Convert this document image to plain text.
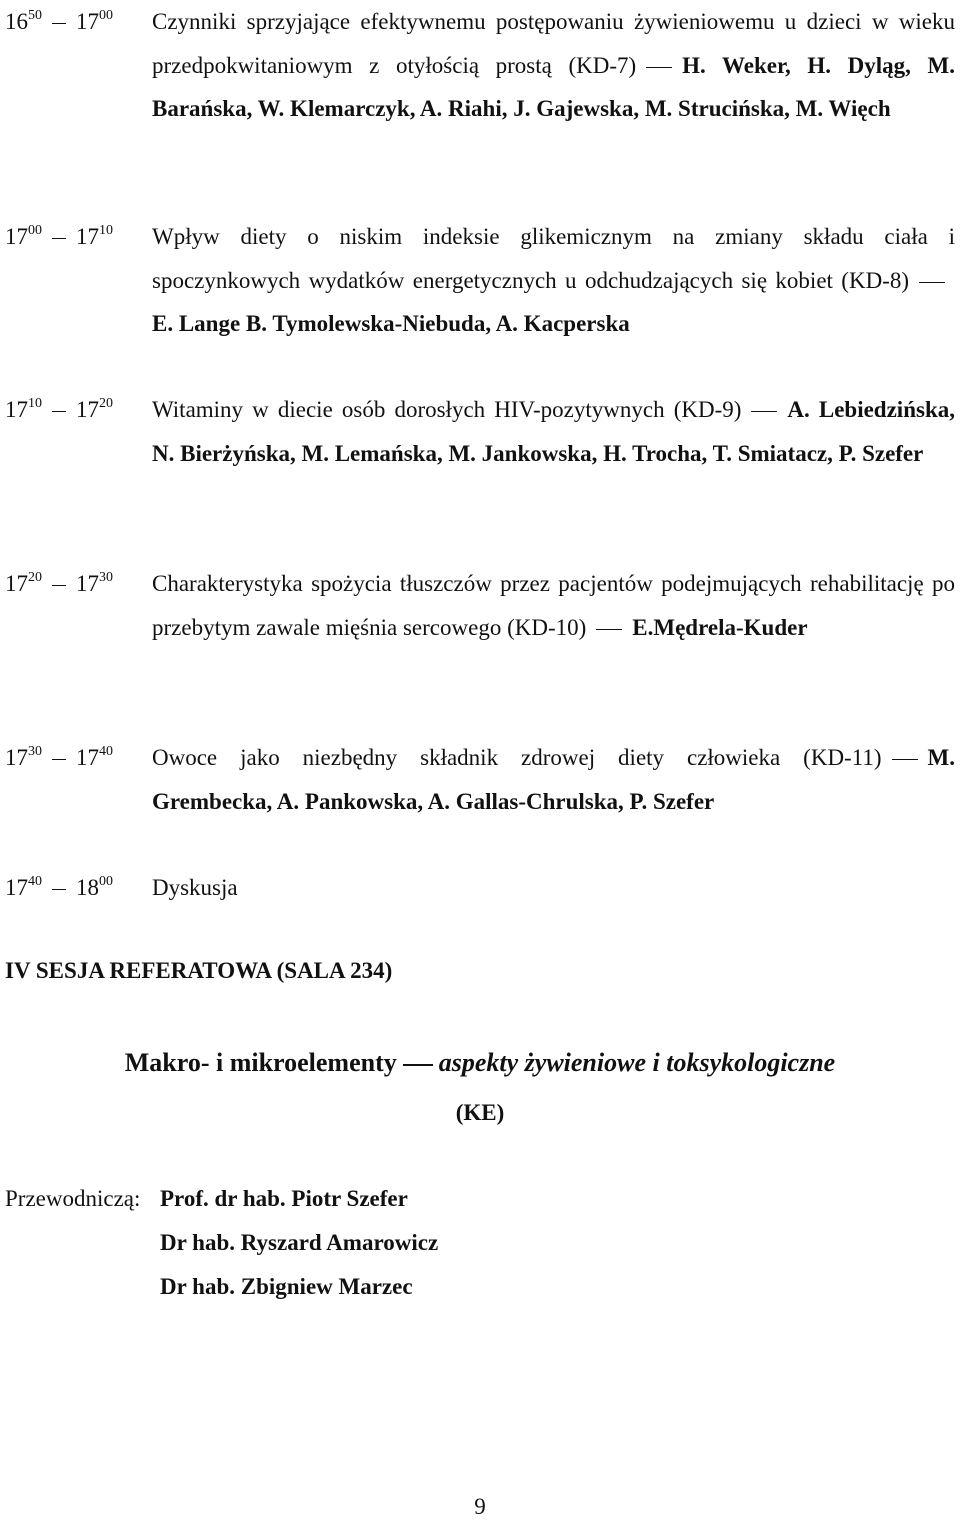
$16^{50}$ $17^{00}$ Czynniki sprzyjające efektywnemu postępowaniu żywieniowemu u dzieci w wieku przedpokwitaniowym z otyłością prostą (KD-7) H. Weker, H. Dyląg, M. Barańska, W. Klemarczyk, A. Riahi, J. Gajewska, M. Strucińska, M. Więch
$17^{00}$ $17^{10}$ Wpływ diety o niskim indeksie glikemicznym na zmiany składu ciała i spoczynkowych wydatków energetycznych u odchudzających się kobiet (KD-8)E. Lange B. Tymolewska-Niebuda, A. Kacperska
$17^{10}$ $17^{20}$ Witaminy w diecie osób dorosłych HIV-pozytywnych (KD-9) A. Lebiedzińska, N. Bierżyńska, M. Lemańska, M. Jankowska, H. Trocha, T. Smiatacz, P. Szefer
$17^{20}$ $17^{30}$ Charakterystyka spożycia tłuszczów przez pacjentów podejmujących rehabilitację po przebytym zawale mięśnia sercowego (KD-10) E.Mędrela-Kuder
$17^{30}$ $17^{40}$ Owoce jako niezbędny składnik zdrowej diety człowieka (KD-11) M. Grembecka, A. Pankowska, A. Gallas-Chrulska, P. Szefer
$17^{40}$ $18^{00}$ Dyskusja
IV SESJA REFERATOWA (SALA 234)
Makro- i mikroelementy aspekty żywieniowe i toksykologiczne
(KE)
Przewodniczą: Prof. dr hab. Piotr Szefer
Dr hab. Ryszard Amarowicz
Dr hab. Zbigniew Marzec
9
